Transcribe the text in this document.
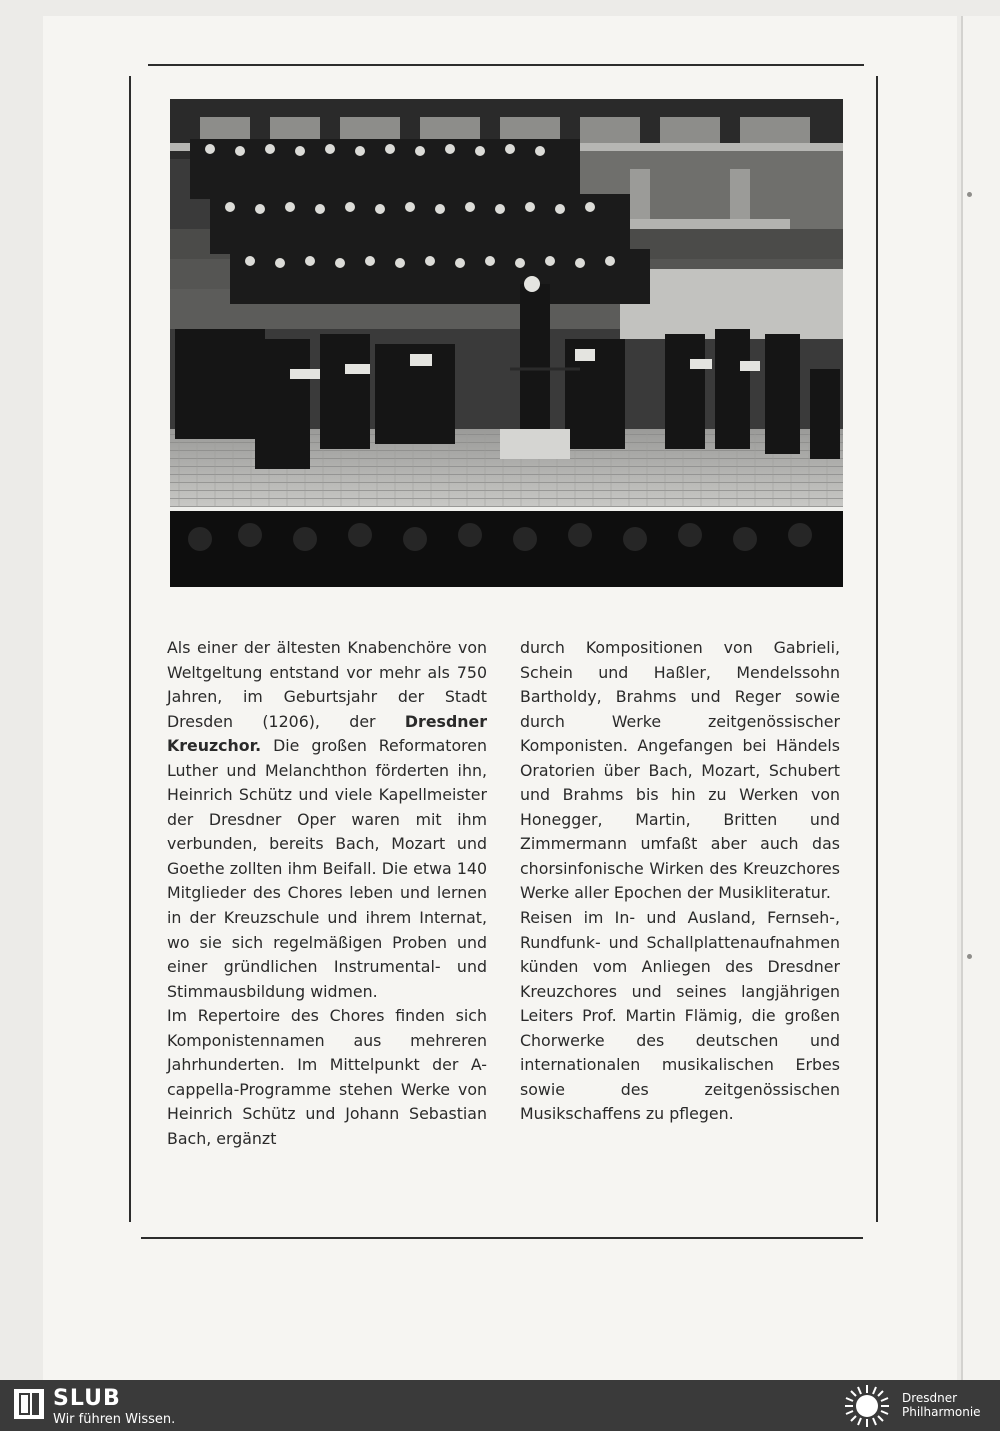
Als einer der ältesten Knabenchöre von Weltgeltung entstand vor mehr als 750 Jahren, im Geburtsjahr der Stadt Dresden (1206), der Dresdner Kreuzchor. Die großen Reformatoren Luther und Melanchthon förderten ihn, Heinrich Schütz und viele Kapellmeister der Dresdner Oper waren mit ihm verbunden, bereits Bach, Mozart und Goethe zollten ihm Beifall. Die etwa 140 Mitglieder des Chores leben und lernen in der Kreuzschule und ihrem Internat, wo sie sich regelmäßigen Proben und einer gründlichen Instrumental- und Stimmausbildung widmen.

Im Repertoire des Chores finden sich Komponistennamen aus mehreren Jahrhunderten. Im Mittelpunkt der A-cappella-Programme stehen Werke von Heinrich Schütz und Johann Sebastian Bach, ergänzt

durch Kompositionen von Gabrieli, Schein und Haßler, Mendelssohn Bartholdy, Brahms und Reger sowie durch Werke zeitgenössischer Komponisten. Angefangen bei Händels Oratorien über Bach, Mozart, Schubert und Brahms bis hin zu Werken von Honegger, Martin, Britten und Zimmermann umfaßt aber auch das chorsinfonische Wirken des Kreuzchores Werke aller Epochen der Musikliteratur.

Reisen im In- und Ausland, Fernseh-, Rundfunk- und Schallplattenaufnahmen künden vom Anliegen des Dresdner Kreuzchores und seines langjährigen Leiters Prof. Martin Flämig, die großen Chorwerke des deutschen und internationalen musikalischen Erbes sowie des zeitgenössischen Musikschaffens zu pflegen.

SLUB
Wir führen Wissen.
Dresdner
Philharmonie
